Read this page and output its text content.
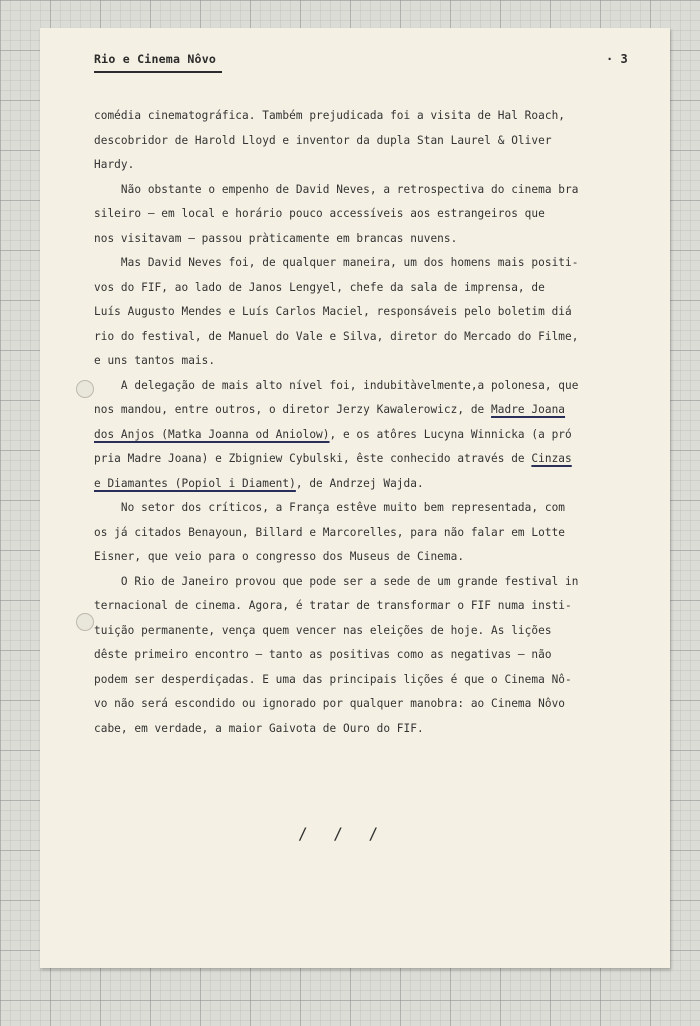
Rio e Cinema Nôvo	· 3
comédia cinematográfica. Também prejudicada foi a visita de Hal Roach,
descobridor de Harold Lloyd e inventor da dupla Stan Laurel & Oliver
Hardy.
Não obstante o empenho de David Neves, a retrospectiva do cinema bra
sileiro — em local e horário pouco accessíveis aos estrangeiros que
nos visitavam — passou pràticamente em brancas nuvens.
Mas David Neves foi, de qualquer maneira, um dos homens mais positi-
vos do FIF, ao lado de Janos Lengyel, chefe da sala de imprensa, de
Luís Augusto Mendes e Luís Carlos Maciel, responsáveis pelo boletim diá
rio do festival, de Manuel do Vale e Silva, diretor do Mercado do Filme,
e uns tantos mais.
A delegação de mais alto nível foi, indubitàvelmente,a polonesa, que
nos mandou, entre outros, o diretor Jerzy Kawalerowicz, de Madre Joana
dos Anjos (Matka Joanna od Aniolow), e os atôres Lucyna Winnicka (a pró
pria Madre Joana) e Zbigniew Cybulski, êste conhecido através de Cinzas
e Diamantes (Popiol i Diament), de Andrzej Wajda.
No setor dos críticos, a França estêve muito bem representada, com
os já citados Benayoun, Billard e Marcorelles, para não falar em Lotte
Eisner, que veio para o congresso dos Museus de Cinema.
O Rio de Janeiro provou que pode ser a sede de um grande festival in
ternacional de cinema. Agora, é tratar de transformar o FIF numa insti-
tuição permanente, vença quem vencer nas eleições de hoje. As lições
dêste primeiro encontro — tanto as positivas como as negativas — não
podem ser desperdiçadas. E uma das principais lições é que o Cinema Nô-
vo não será escondido ou ignorado por qualquer manobra: ao Cinema Nôvo
cabe, em verdade, a maior Gaivota de Ouro do FIF.
/ / /
